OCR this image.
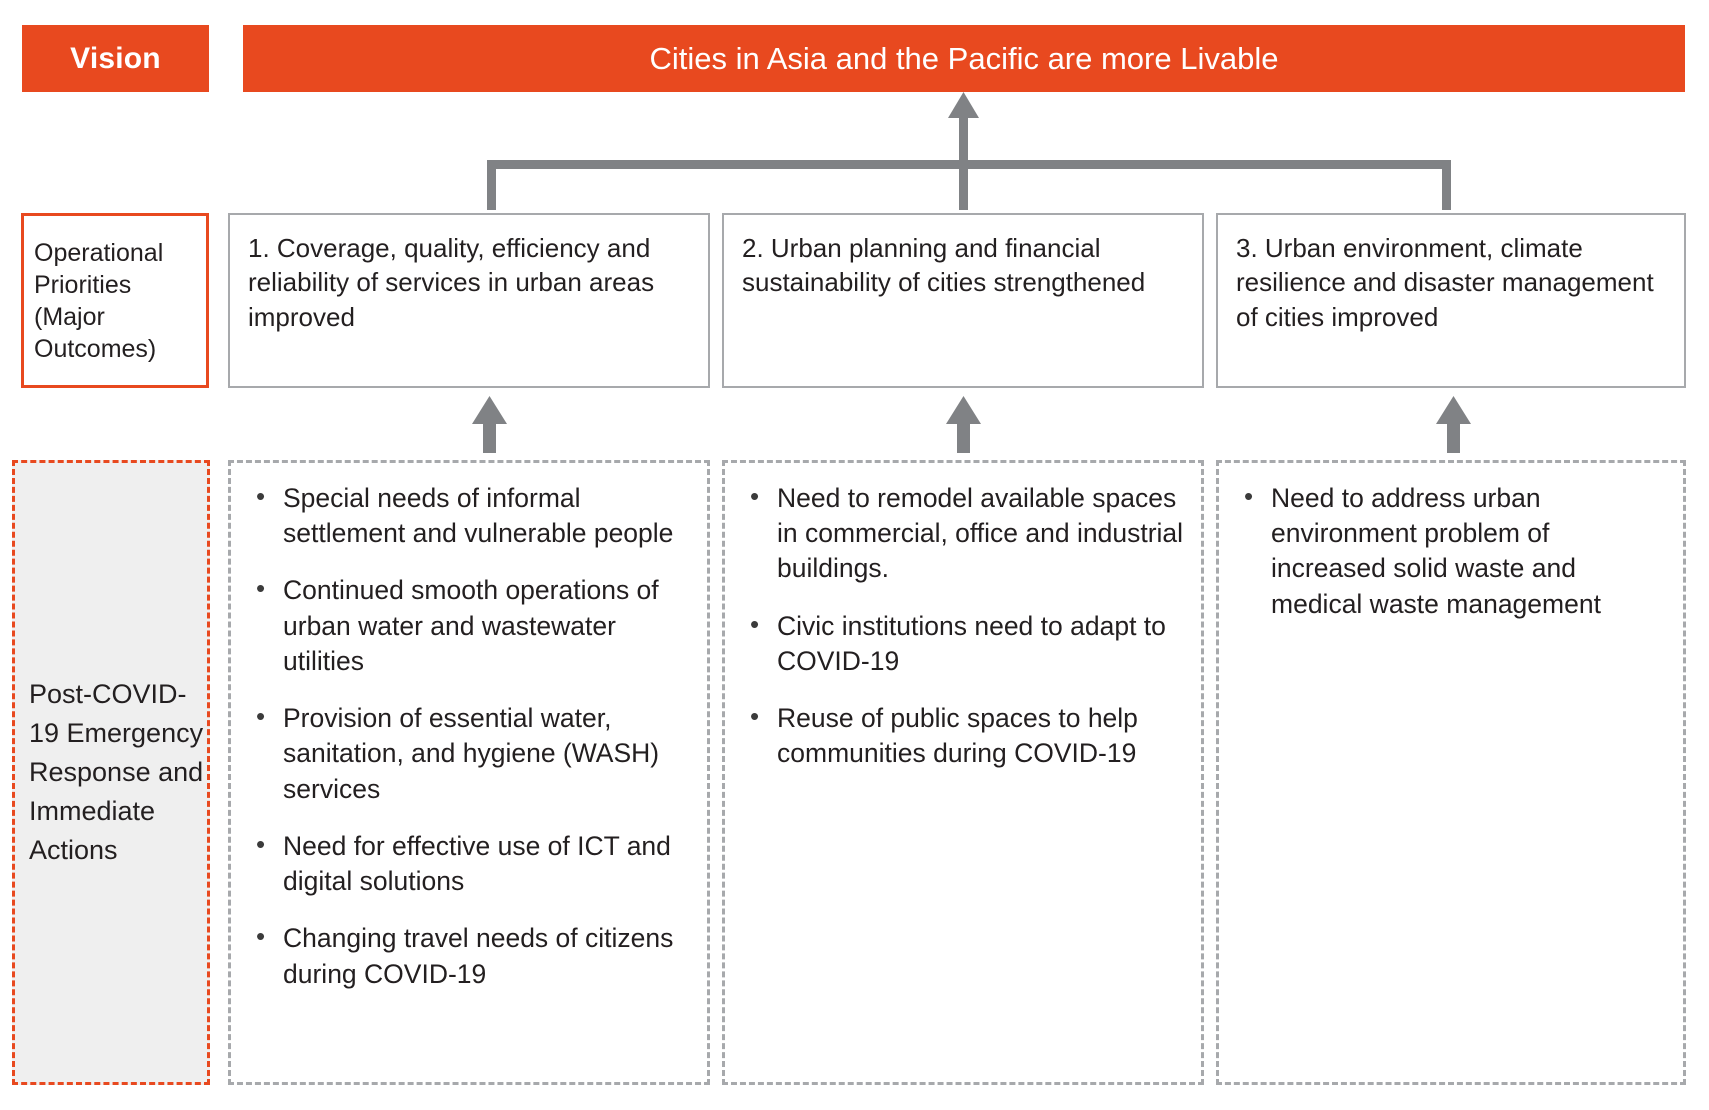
Vision	Cities in Asia and the Pacific are more Livable
Operational Priorities (Major Outcomes)
1. Coverage, quality, efficiency and reliability of services in urban areas improved
2. Urban planning and financial sustainability of cities strengthened
3. Urban environment, climate resilience and disaster management of cities improved
Post-COVID-19 Emergency Response and Immediate Actions
• Special needs of informal settlement and vulnerable people
• Continued smooth operations of urban water and wastewater utilities
• Provision of essential water, sanitation, and hygiene (WASH) services
• Need for effective use of ICT and digital solutions
• Changing travel needs of citizens during COVID-19
• Need to remodel available spaces in commercial, office and industrial buildings.
• Civic institutions need to adapt to COVID-19
• Reuse of public spaces to help communities during COVID-19
• Need to address urban environment problem of increased solid waste and medical waste management
